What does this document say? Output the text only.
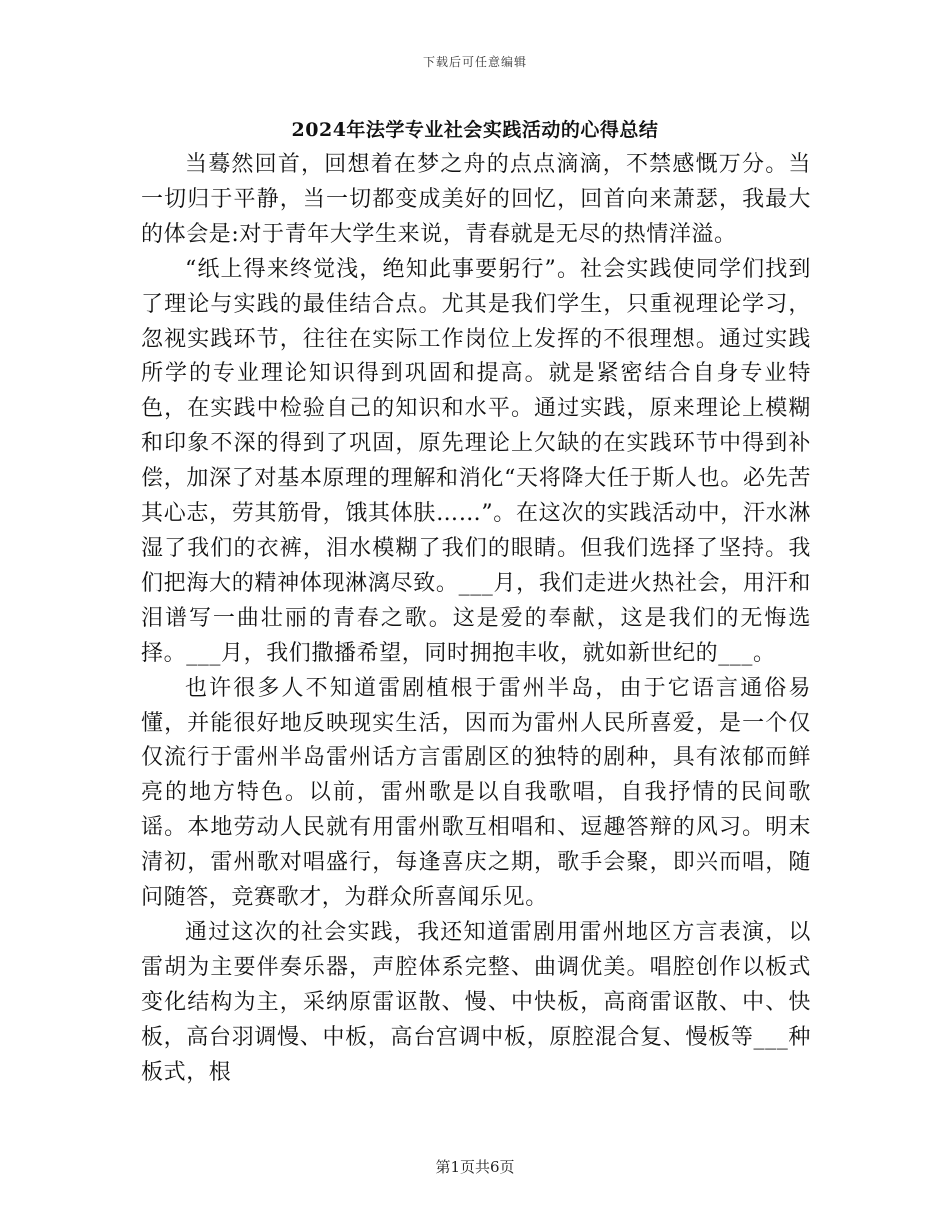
下载后可任意编辑
2024年法学专业社会实践活动的心得总结

当蓦然回首，回想着在梦之舟的点点滴滴，不禁感慨万分。当一切归于平静，当一切都变成美好的回忆，回首向来萧瑟，我最大的体会是:对于青年大学生来说，青春就是无尽的热情洋溢。

“纸上得来终觉浅，绝知此事要躬行”。社会实践使同学们找到了理论与实践的最佳结合点。尤其是我们学生，只重视理论学习，忽视实践环节，往往在实际工作岗位上发挥的不很理想。通过实践所学的专业理论知识得到巩固和提高。就是紧密结合自身专业特色，在实践中检验自己的知识和水平。通过实践，原来理论上模糊和印象不深的得到了巩固，原先理论上欠缺的在实践环节中得到补偿，加深了对基本原理的理解和消化“天将降大任于斯人也。必先苦其心志，劳其筋骨，饿其体肤……”。在这次的实践活动中，汗水淋湿了我们的衣裤，泪水模糊了我们的眼睛。但我们选择了坚持。我们把海大的精神体现淋漓尽致。___月，我们走进火热社会，用汗和泪谱写一曲壮丽的青春之歌。这是爱的奉献，这是我们的无悔选择。___月，我们撒播希望，同时拥抱丰收，就如新世纪的___。

也许很多人不知道雷剧植根于雷州半岛，由于它语言通俗易懂，并能很好地反映现实生活，因而为雷州人民所喜爱，是一个仅仅流行于雷州半岛雷州话方言雷剧区的独特的剧种，具有浓郁而鲜亮的地方特色。以前，雷州歌是以自我歌唱，自我抒情的民间歌谣。本地劳动人民就有用雷州歌互相唱和、逗趣答辩的风习。明末清初，雷州歌对唱盛行，每逢喜庆之期，歌手会聚，即兴而唱，随问随答，竞赛歌才，为群众所喜闻乐见。

通过这次的社会实践，我还知道雷剧用雷州地区方言表演，以雷胡为主要伴奏乐器，声腔体系完整、曲调优美。唱腔创作以板式变化结构为主，采纳原雷讴散、慢、中快板，高商雷讴散、中、快板，高台羽调慢、中板，高台宫调中板，原腔混合复、慢板等___种板式，根

第1页共6页
